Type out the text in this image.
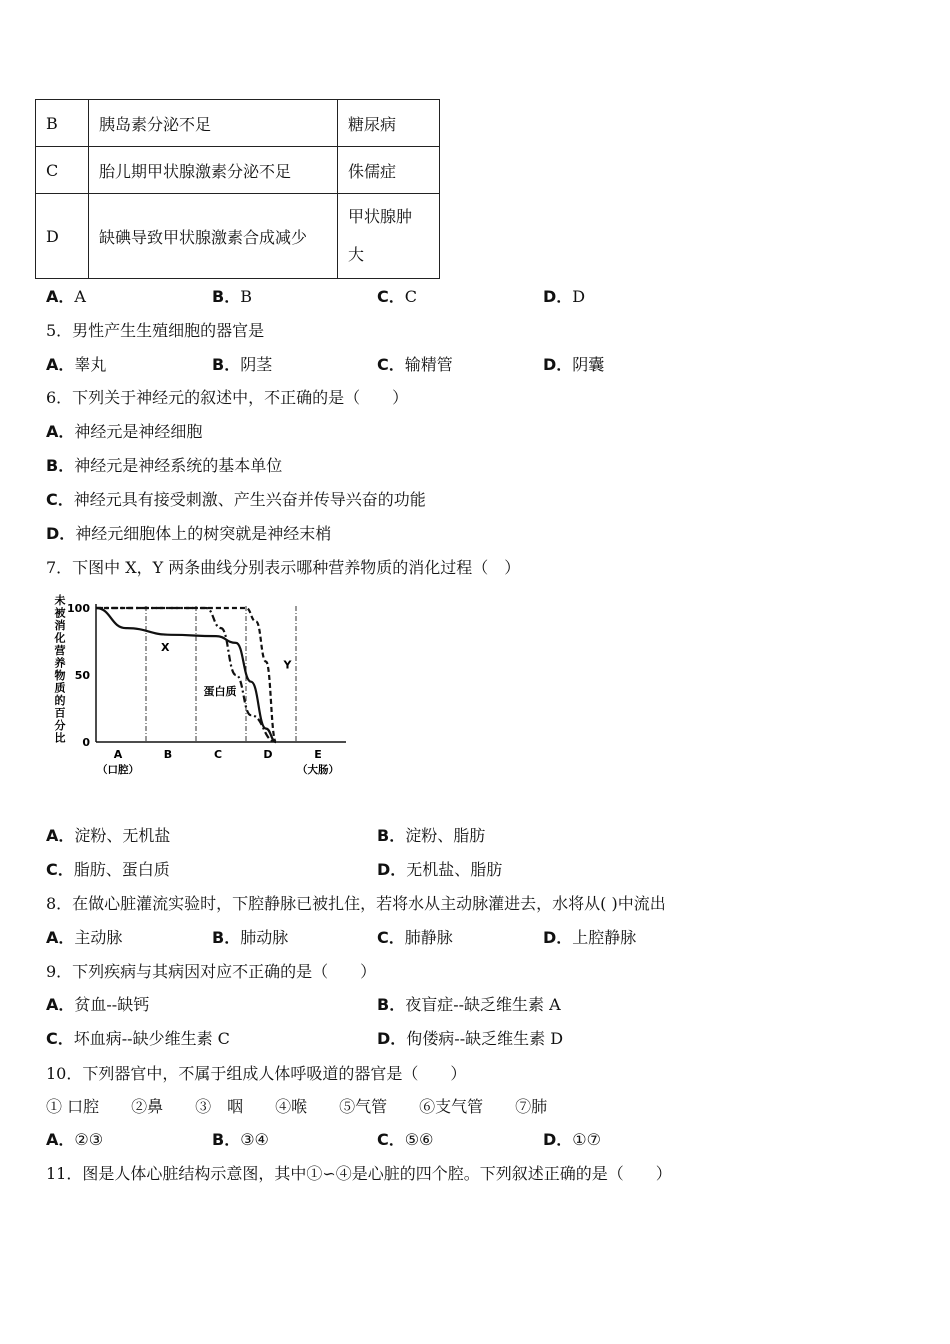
B	胰岛素分泌不足	糖尿病
C	胎儿期甲状腺激素分泌不足	侏儒症
D	缺碘导致甲状腺激素合成减少	甲状腺肿大
A．A	B．B	C．C	D．D
5．男性产生生殖细胞的器官是
A．睾丸	B．阴茎	C．输精管	D．阴囊
6．下列关于神经元的叙述中，不正确的是（　　）
A．神经元是神经细胞
B．神经元是神经系统的基本单位
C．神经元具有接受刺激、产生兴奋并传导兴奋的功能
D．神经元细胞体上的树突就是神经末梢
7．下图中 X，Y 两条曲线分别表示哪种营养物质的消化过程（　）
未
被
消
化
营
养
物
质
的
百
分
比
X
Y
蛋白质
100
50
0
A
（口腔）
B	C	D	E
（大肠）
A．淀粉、无机盐	B．淀粉、脂肪
C．脂肪、蛋白质	D．无机盐、脂肪
8．在做心脏灌流实验时，下腔静脉已被扎住，若将水从主动脉灌进去，水将从( )中流出
A．主动脉	B．肺动脉	C．肺静脉	D．上腔静脉
9．下列疾病与其病因对应不正确的是（　　）
A．贫血--缺钙	B．夜盲症--缺乏维生素 A
C．坏血病--缺少维生素 C	D．佝偻病--缺乏维生素 D
10．下列器官中，不属于组成人体呼吸道的器官是（　　）
① 口腔　　②鼻　　③　咽　　④喉　　⑤气管　　⑥支气管　　⑦肺
A．②③	B．③④	C．⑤⑥	D．①⑦
11．图是人体心脏结构示意图，其中①∽④是心脏的四个腔。下列叙述正确的是（　　）
